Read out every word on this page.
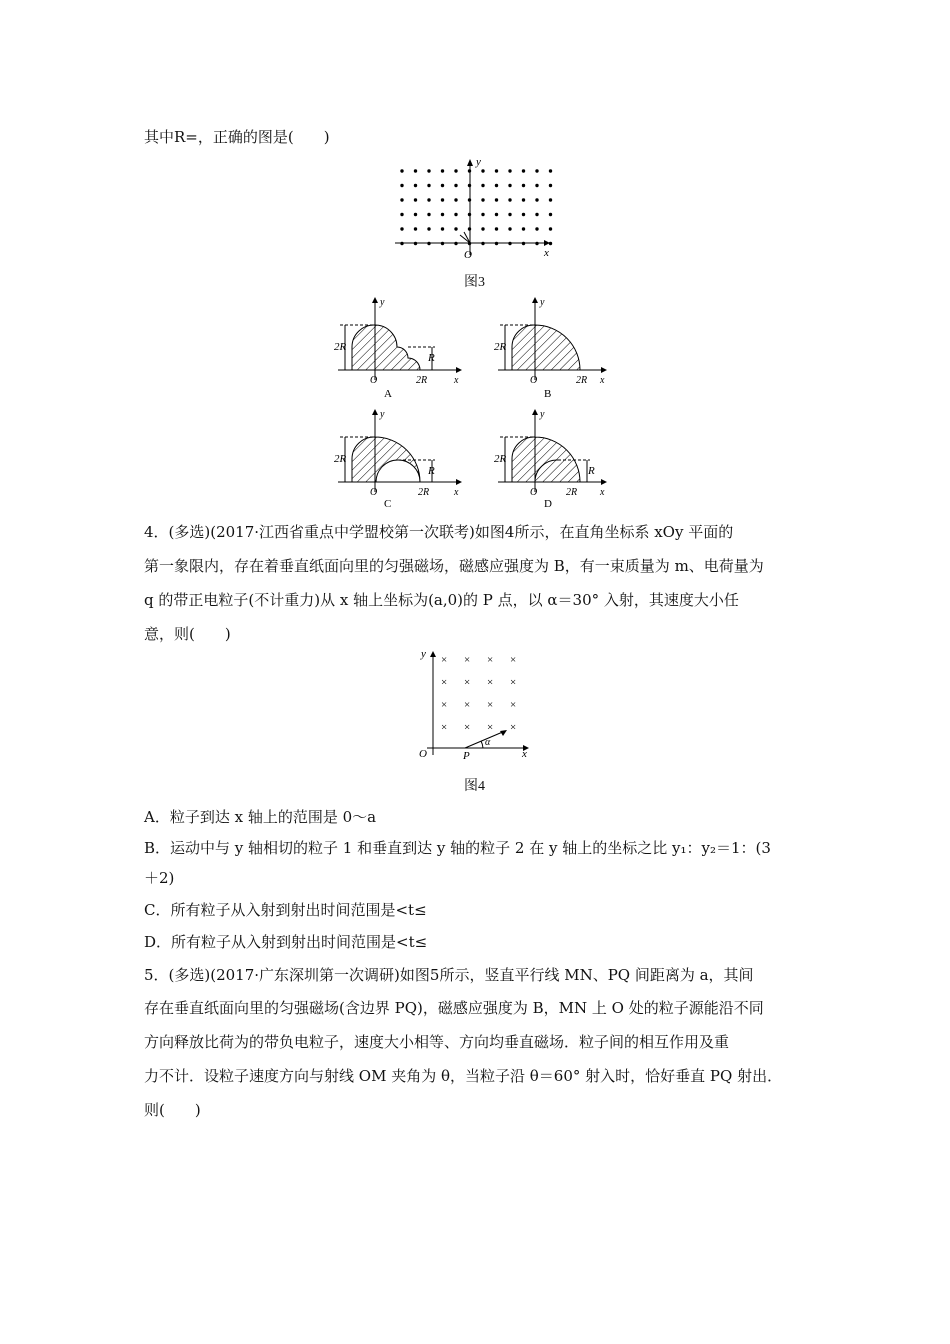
其中R=，正确的图是(　　)
y
x
O
图3
2R
R
y
O	2R	x
A
2R
y
O	2R x
B
2R
R
y
O	2R x
C
2R
R
y
O	2R x
D
4．(多选)(2017·江西省重点中学盟校第一次联考)如图4所示，在直角坐标系 xOy 平面的
第一象限内，存在着垂直纸面向里的匀强磁场，磁感应强度为 B，有一束质量为 m、电荷量为
q 的带正电粒子(不计重力)从 x 轴上坐标为(a,0)的 P 点，以 α＝30° 入射，其速度大小任
意，则(　　)
× × × ×
× × × ×
× × × ×
× × × ×
y
O	P	x
α
图4
A．粒子到达 x 轴上的范围是 0～a
B．运动中与 y 轴相切的粒子 1 和垂直到达 y 轴的粒子 2 在 y 轴上的坐标之比 y₁：y₂＝1：(3
＋2)
C．所有粒子从入射到射出时间范围是<t≤
D．所有粒子从入射到射出时间范围是<t≤
5．(多选)(2017·广东深圳第一次调研)如图5所示，竖直平行线 MN、PQ 间距离为 a，其间
存在垂直纸面向里的匀强磁场(含边界 PQ)，磁感应强度为 B，MN 上 O 处的粒子源能沿不同
方向释放比荷为的带负电粒子，速度大小相等、方向均垂直磁场．粒子间的相互作用及重
力不计．设粒子速度方向与射线 OM 夹角为 θ，当粒子沿 θ＝60° 射入时，恰好垂直 PQ 射出．
则(　　)
